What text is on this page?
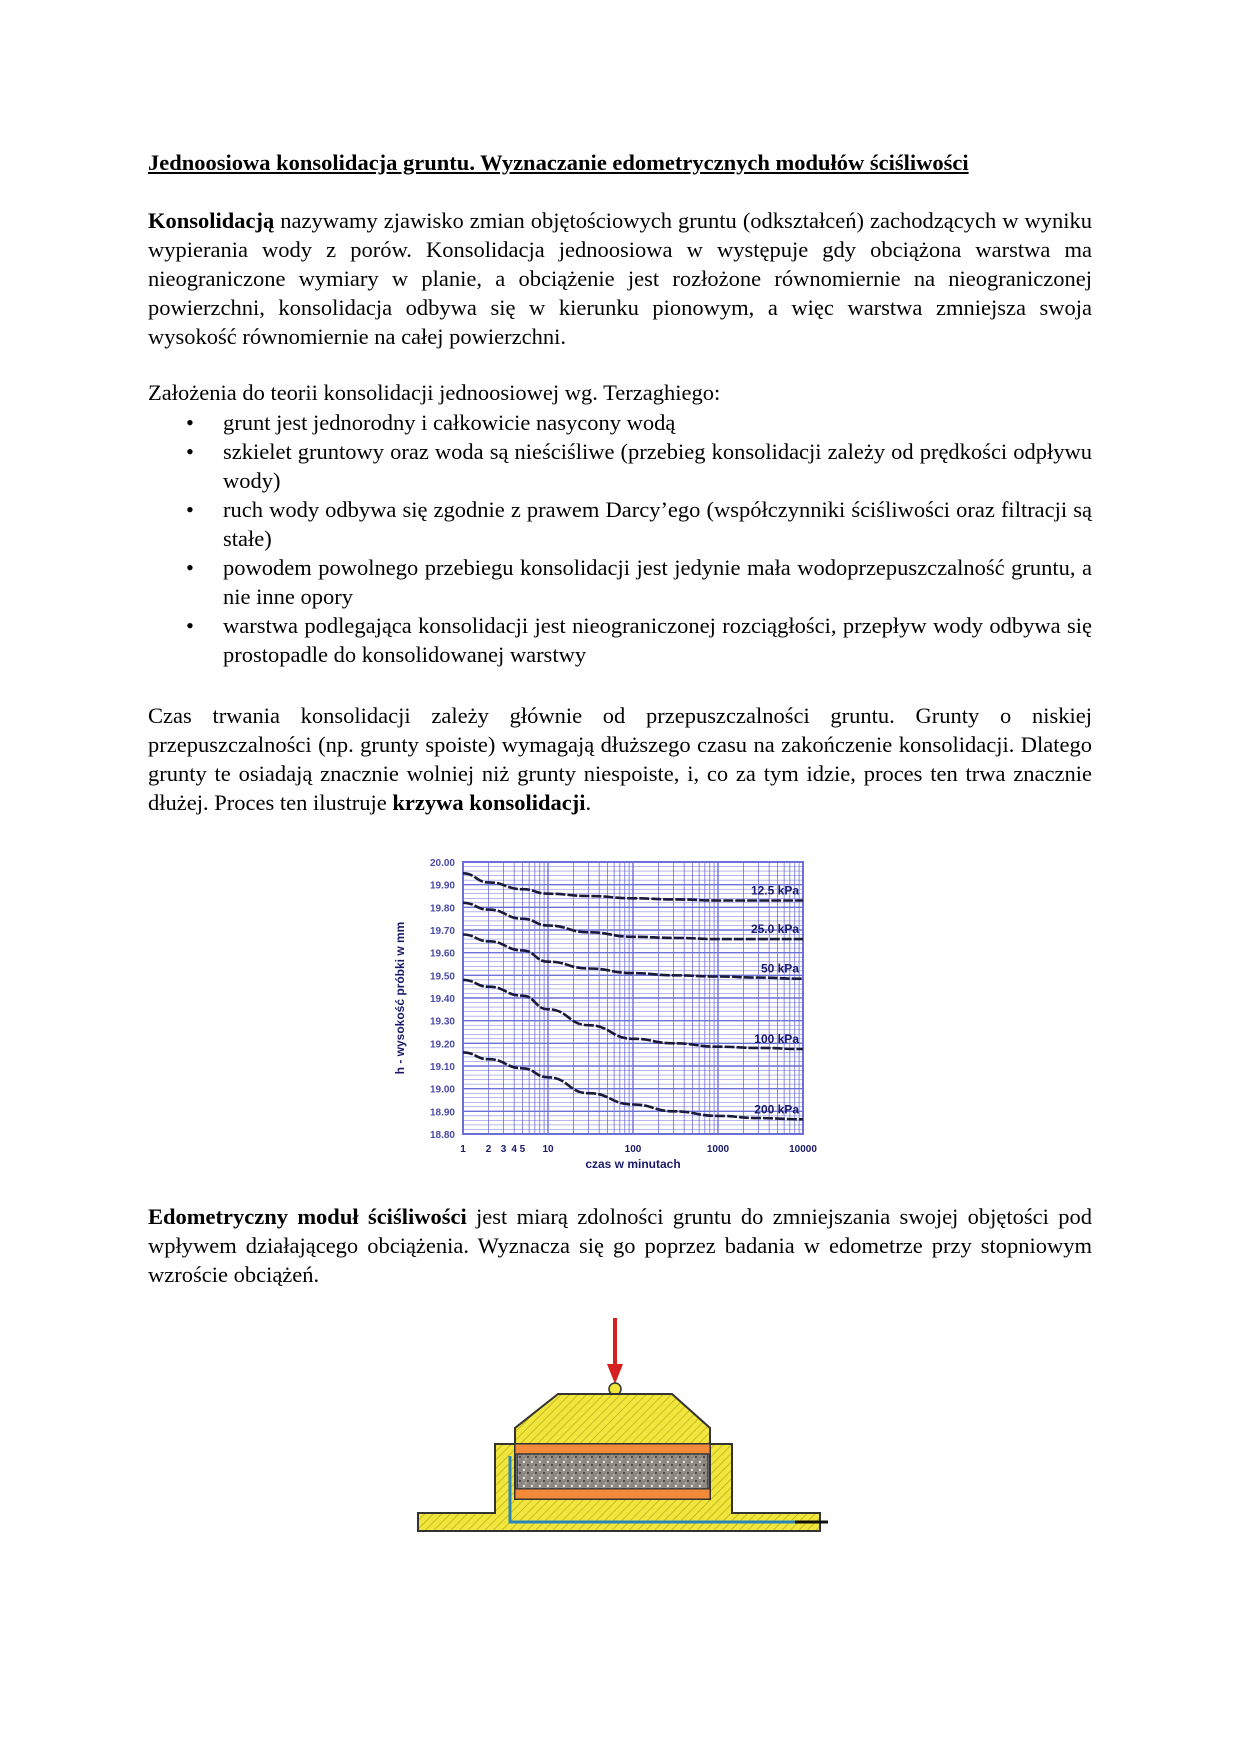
Jednoosiowa konsolidacja gruntu. Wyznaczanie edometrycznych modułów ściśliwości

Konsolidacją nazywamy zjawisko zmian objętościowych gruntu (odkształceń) zachodzących w wyniku wypierania wody z porów. Konsolidacja jednoosiowa w występuje gdy obciążona warstwa ma nieograniczone wymiary w planie, a obciążenie jest rozłożone równomiernie na nieograniczonej powierzchni, konsolidacja odbywa się w kierunku pionowym, a więc warstwa zmniejsza swoja wysokość równomiernie na całej powierzchni.

Założenia do teorii konsolidacji jednoosiowej wg. Terzaghiego:

• grunt jest jednorodny i całkowicie nasycony wodą
• szkielet gruntowy oraz woda są nieściśliwe (przebieg konsolidacji zależy od prędkości odpływu wody)
• ruch wody odbywa się zgodnie z prawem Darcy’ego (współczynniki ściśliwości oraz filtracji są stałe)
• powodem powolnego przebiegu konsolidacji jest jedynie mała wodoprzepuszczalność gruntu, a nie inne opory
• warstwa podlegająca konsolidacji jest nieograniczonej rozciągłości, przepływ wody odbywa się prostopadle do konsolidowanej warstwy

Czas trwania konsolidacji zależy głównie od przepuszczalności gruntu. Grunty o niskiej przepuszczalności (np. grunty spoiste) wymagają dłuższego czasu na zakończenie konsolidacji. Dlatego grunty te osiadają znacznie wolniej niż grunty niespoiste, i, co za tym idzie, proces ten trwa znacznie dłużej. Proces ten ilustruje krzywa konsolidacji.

18.80
18.90
19.00
19.10
19.20
19.30
19.40
19.50
19.60
19.70
19.80
19.90
20.00
1 2 3 4 5 10	100	1000	10000
12.5 kPa
25.0 kPa
50 kPa
100 kPa
200 kPa
h - wysokość próbki w mm
czas w minutach

Edometryczny moduł ściśliwości jest miarą zdolności gruntu do zmniejszania swojej objętości pod wpływem działającego obciążenia. Wyznacza się go poprzez badania w edometrze przy stopniowym wzroście obciążeń.
